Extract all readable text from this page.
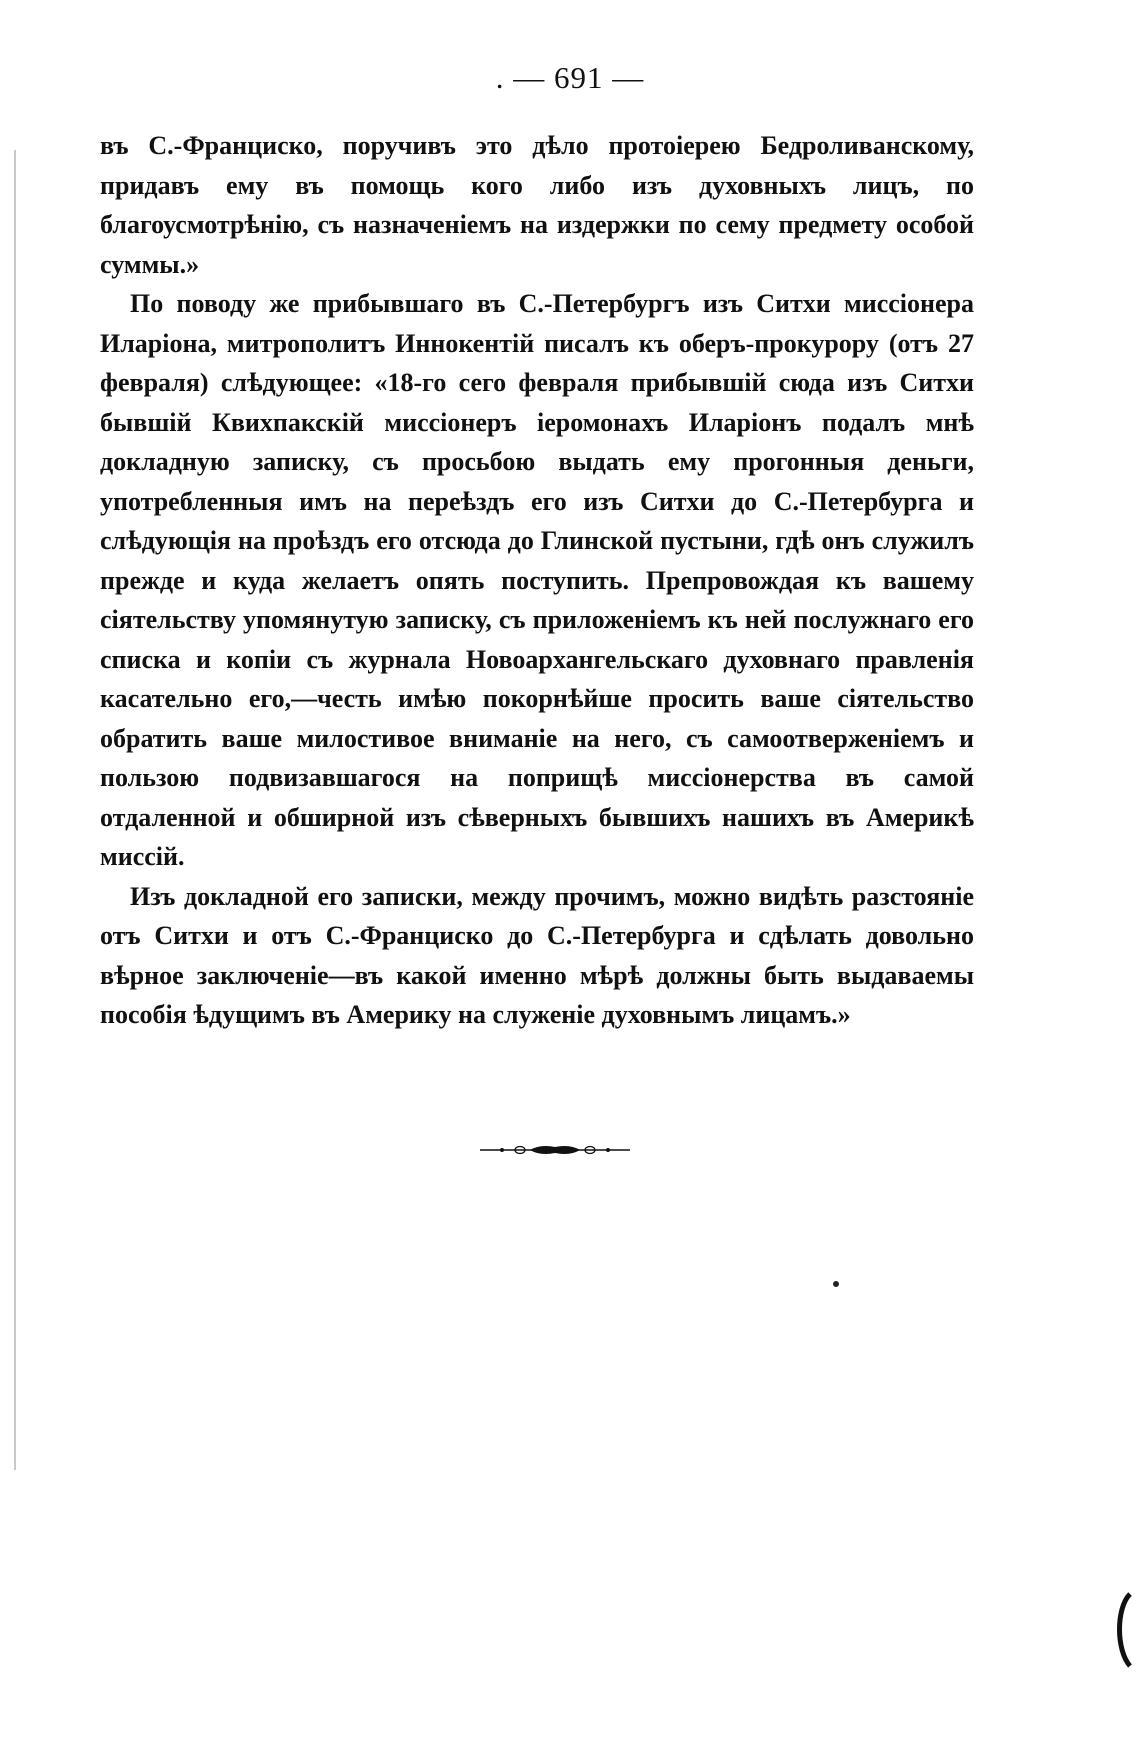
. — 691 —

въ С.-Франциско, поручивъ это дѣло протоіерею Бедроливанскому, придавъ ему въ помощь кого либо изъ духовныхъ лицъ, по благоусмотрѣнію, съ назначеніемъ на издержки по сему предмету особой суммы.»

По поводу же прибывшаго въ С.-Петербургъ изъ Ситхи миссіонера Иларіона, митрополитъ Иннокентій писалъ къ оберъ-прокурору (отъ 27 февраля) слѣдующее: «18-го сего февраля прибывшій сюда изъ Ситхи бывшій Квихпакскій миссіонеръ іеромонахъ Иларіонъ подалъ мнѣ докладную записку, съ просьбою выдать ему прогонныя деньги, употребленныя имъ на переѣздъ его изъ Ситхи до С.-Петербурга и слѣдующія на проѣздъ его отсюда до Глинской пустыни, гдѣ онъ служилъ прежде и куда желаетъ опять поступить. Препровождая къ вашему сіятельству упомянутую записку, съ приложеніемъ къ ней послужнаго его списка и копіи съ журнала Новоархангельскаго духовнаго правленія касательно его,—честь имѣю покорнѣйше просить ваше сіятельство обратить ваше милостивое вниманіе на него, съ самоотверженіемъ и пользою подвизавшагося на поприщѣ миссіонерства въ самой отдаленной и обширной изъ сѣверныхъ бывшихъ нашихъ въ Америкѣ миссій.

Изъ докладной его записки, между прочимъ, можно видѣть разстояніе отъ Ситхи и отъ С.-Франциско до С.-Петербурга и сдѣлать довольно вѣрное заключеніе—въ какой именно мѣрѣ должны быть выдаваемы пособія ѣдущимъ въ Америку на служеніе духовнымъ лицамъ.»
